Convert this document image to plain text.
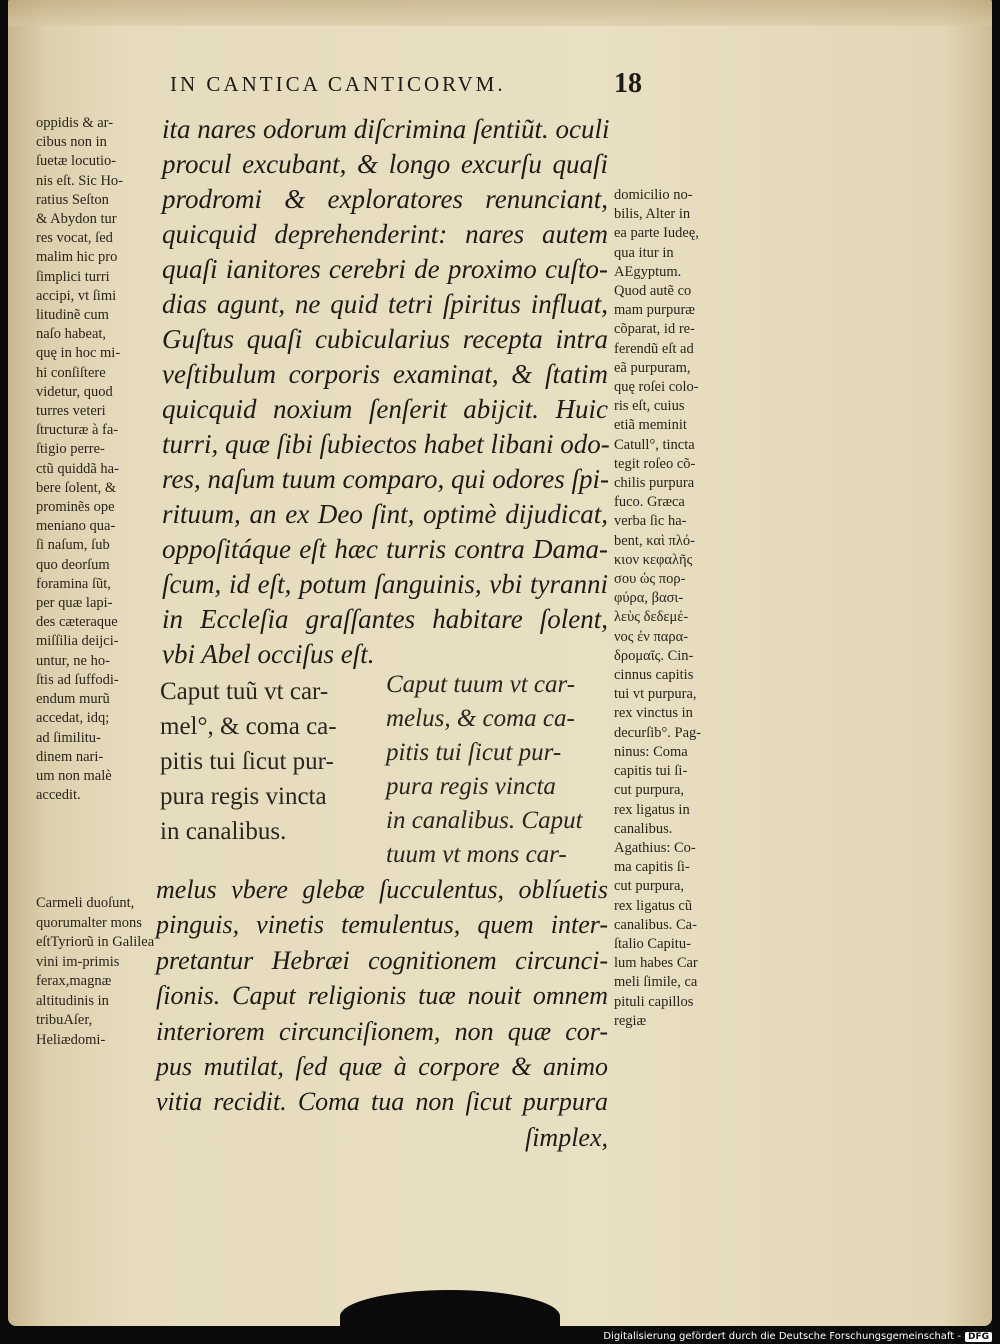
IN CANTICA CANTICORVM.	18
ita nares odorum diſcrimina ſentiũt. oculi
procul excubant, & longo excurſu quaſi
prodromi & exploratores renunciant,
quicquid deprehenderint: nares autem
quaſi ianitores cerebri de proximo cuſto-
dias agunt, ne quid tetri ſpiritus influat,
Guſtus quaſi cubicularius recepta intra
veſtibulum corporis examinat, & ſtatim
quicquid noxium ſenſerit abijcit. Huic
turri, quæ ſibi ſubiectos habet libani odo-
res, naſum tuum comparo, qui odores ſpi-
rituum, an ex Deo ſint, optimè dijudicat,
oppoſitáque eſt hæc turris contra Dama-
ſcum, id eſt, potum ſanguinis, vbi tyranni
in Eccleſia graſſantes habitare ſolent,
vbi Abel occiſus eſt.
oppidis & ar-
cibus non in
ſuetæ locutio-
nis eſt. Sic Ho-
ratius Seſton
& Abydon tur
res vocat, ſed
malim hic pro
ſimplici turri
accipi, vt ſimi
litudinẽ cum
naſo habeat,
quę in hoc mi-
hi conſiſtere
videtur, quod
turres veteri
ſtructuræ à fa-
ſtigio perre-
ctũ quiddã ha-
bere ſolent, &
prominẽs ope
meniano qua-
ſi naſum, ſub
quo deorſum
foramina ſũt,
per quæ lapi-
des cæteraque
miſſilia deijci-
untur, ne ho-
ſtis ad ſuffodi-
endum murũ
accedat, idq;
ad ſimilitu-
dinem nari-
um non malè
accedit.
Carmeli duoſunt, quorumalter mons eſtTyriorũ in Galilea vini im-primis ferax,magnæ altitudinis in tribuAſer, Heliædomi-
domicilio no-
bilis, Alter in
ea parte Iudeę,
qua itur in
AEgyptum.
Quod autẽ co
mam purpuræ
cõparat, id re-
ferendũ eſt ad
eã purpuram,
quę roſei colo-
ris eſt, cuius
etiã meminit
Catull°, tincta
tegit roſeo cõ-
chilis purpura
fuco. Græca
verba ſic ha-
bent, καὶ πλό-
κιον κεφαλῆς
σου ὡς πορ-
φύρα, βασι-
λεὺς δεδεμέ-
νος ἐν παρα-
δρομαῖς. Cin-
cinnus capitis
tui vt purpura,
rex vinctus in
decurſib°. Pag-
ninus: Coma
capitis tui ſi-
cut purpura,
rex ligatus in
canalibus.
Agathius: Co-
ma capitis ſi-
cut purpura,
rex ligatus cũ
canalibus. Ca-
ſtalio Capitu-
lum habes Car
meli ſimile, ca
pituli capillos
regiæ
Caput tuũ vt car-
mel°, & coma ca-
pitis tui ſicut pur-
pura regis vincta
in canalibus.
Caput tuum vt car-
melus, & coma ca-
pitis tui ſicut pur-
pura regis vincta
in canalibus. Caput
tuum vt mons car-
melus vbere glebæ ſucculentus, oblíuetis
pinguis, vinetis temulentus, quem inter-
pretantur Hebræi cognitionem circunci-
ſionis. Caput religionis tuæ nouit omnem
interiorem circunciſionem, non quæ cor-
pus mutilat, ſed quæ à corpore & animo
vitia recidit. Coma tua non ſicut purpura
ſimplex,
Digitalisierung gefördert durch die Deutsche Forschungsgemeinschaft - DFG
